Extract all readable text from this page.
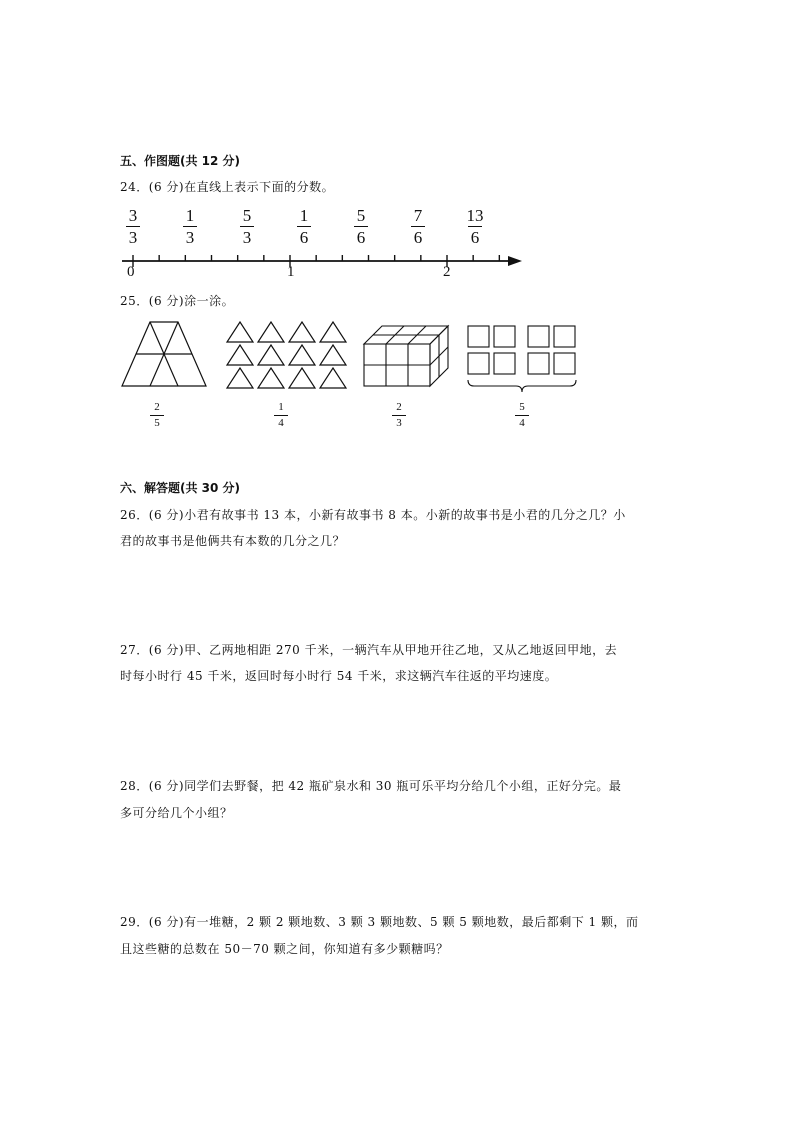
五、作图题(共 12 分)
24．(6 分)在直线上表示下面的分数。
3
3
1
3
5
3
1
6
5
6
7
6
13
6
0	1	2
25．(6 分)涂一涂。
2
5
1
4
2
3
5
4
六、解答题(共 30 分)
26．(6 分)小君有故事书 13 本，小新有故事书 8 本。小新的故事书是小君的几分之几？小
君的故事书是他俩共有本数的几分之几？
27．(6 分)甲、乙两地相距 270 千米，一辆汽车从甲地开往乙地，又从乙地返回甲地，去
时每小时行 45 千米，返回时每小时行 54 千米，求这辆汽车往返的平均速度。
28．(6 分)同学们去野餐，把 42 瓶矿泉水和 30 瓶可乐平均分给几个小组，正好分完。最
多可分给几个小组？
29．(6 分)有一堆糖，2 颗 2 颗地数、3 颗 3 颗地数、5 颗 5 颗地数，最后都剩下 1 颗，而
且这些糖的总数在 50－70 颗之间，你知道有多少颗糖吗？
